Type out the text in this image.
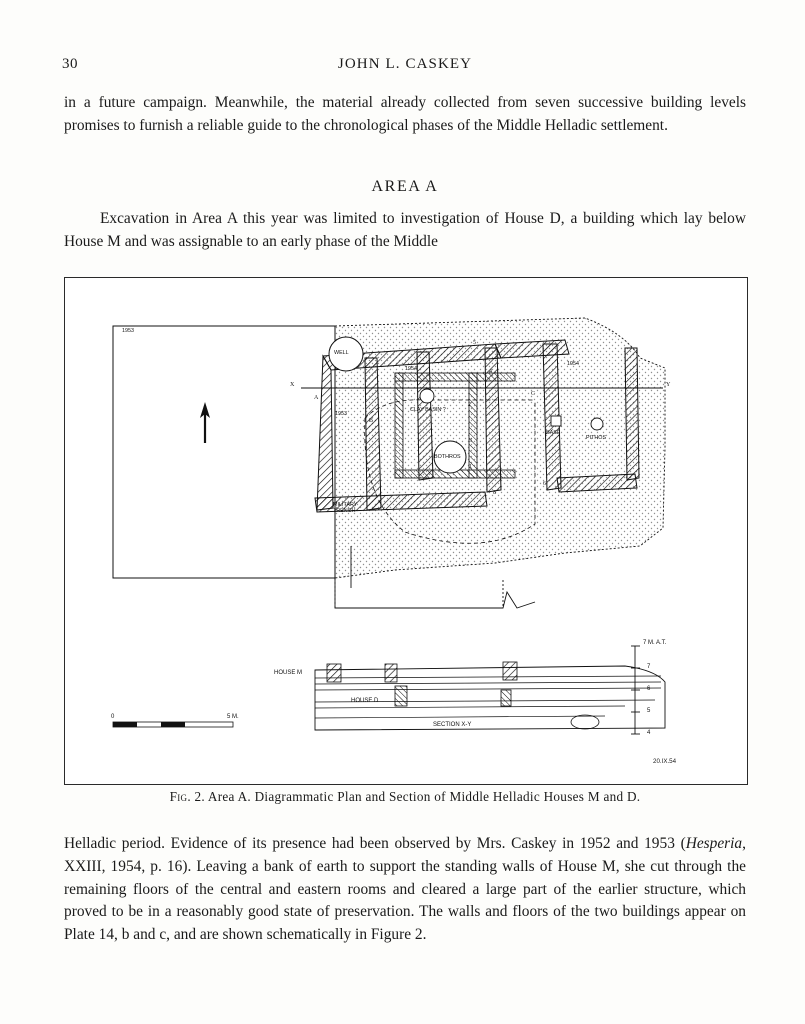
30	JOHN L. CASKEY
in a future campaign. Meanwhile, the material already collected from seven successive building levels promises to furnish a reliable guide to the chronological phases of the Middle Helladic settlement.
AREA A
Excavation in Area A this year was limited to investigation of House D, a building which lay below House M and was assignable to an early phase of the Middle
1953
1953
1954
1954
WELL
CLAY BASIN ?
BOTHROS
MILITARY TRENCH
BASE
PITHOS
X	Y
A
B
C
5
4
2
3
1
8
6
7
HOUSE M
HOUSE D
SECTION X-Y
7 M. A.T.
7
6
5
4
0	5 M.
20.IX.54
Fig. 2. Area A. Diagrammatic Plan and Section of Middle Helladic Houses M and D.
Helladic period. Evidence of its presence had been observed by Mrs. Caskey in 1952 and 1953 (Hesperia, XXIII, 1954, p. 16). Leaving a bank of earth to support the standing walls of House M, she cut through the remaining floors of the central and eastern rooms and cleared a large part of the earlier structure, which proved to be in a reasonably good state of preservation. The walls and floors of the two buildings appear on Plate 14, b and c, and are shown schematically in Figure 2.
